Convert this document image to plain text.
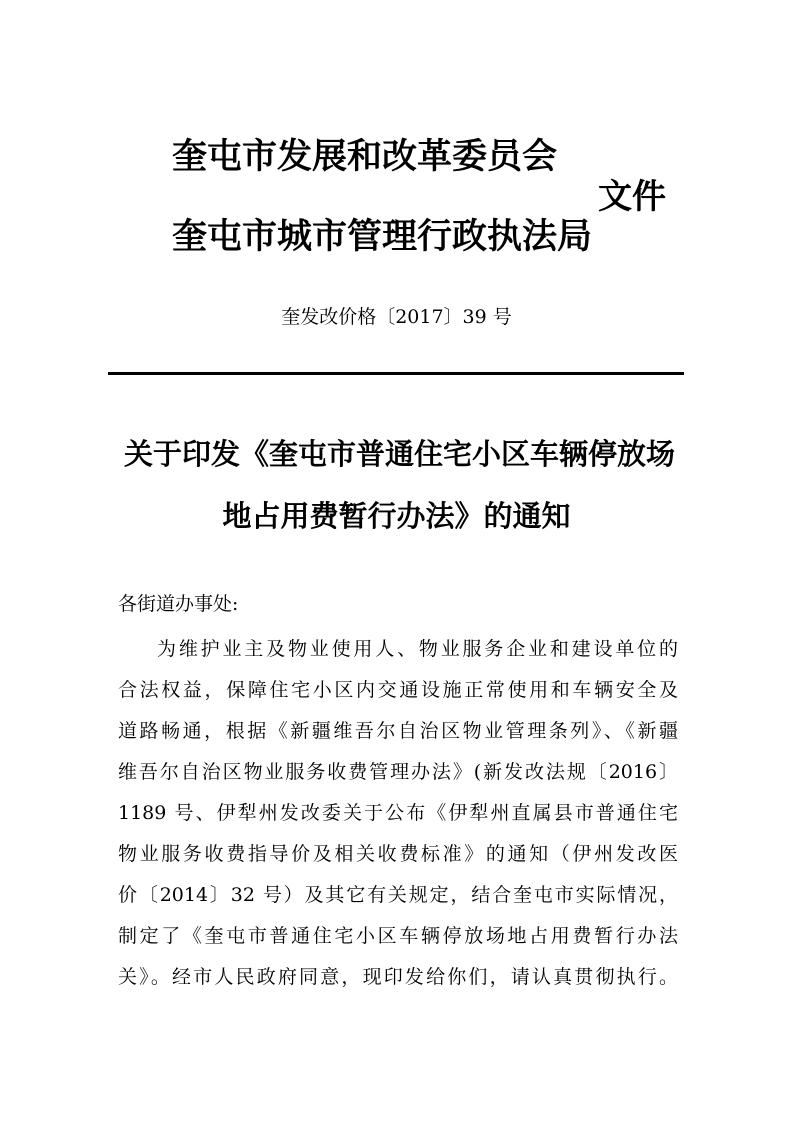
奎屯市发展和改革委员会
文件
奎屯市城市管理行政执法局
奎发改价格〔2017〕39 号
关于印发《奎屯市普通住宅小区车辆停放场
地占用费暂行办法》的通知
各街道办事处:
为维护业主及物业使用人、物业服务企业和建设单位的
合法权益，保障住宅小区内交通设施正常使用和车辆安全及
道路畅通，根据《新疆维吾尔自治区物业管理条列》、《新疆
维吾尔自治区物业服务收费管理办法》(新发改法规〔2016〕
1189 号、伊犁州发改委关于公布《伊犁州直属县市普通住宅
物业服务收费指导价及相关收费标准》的通知（伊州发改医
价〔2014〕32 号）及其它有关规定，结合奎屯市实际情况，
制定了《奎屯市普通住宅小区车辆停放场地占用费暂行办法
关》。经市人民政府同意，现印发给你们，请认真贯彻执行。
